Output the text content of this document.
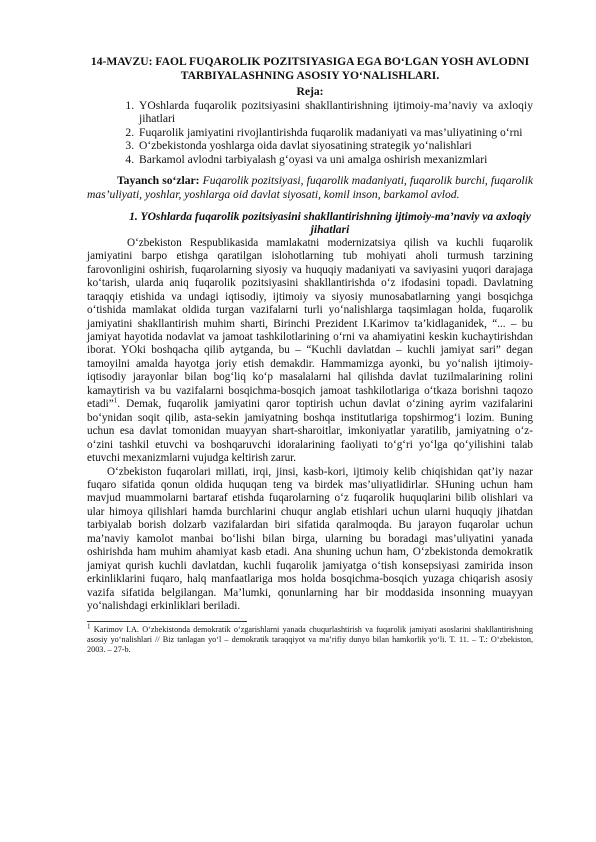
14-MAVZU: FAOL FUQAROLIK POZITSIYASIGA EGA BO‘LGAN YOSH AVLODNI TARBIYALASHNING ASOSIY YO‘NALISHLARI.

Reja:

1. YOshlarda fuqarolik pozitsiyasini shakllantirishning ijtimoiy-ma’naviy va axloqiy jihatlari
2. Fuqarolik jamiyatini rivojlantirishda fuqarolik madaniyati va mas’uliyatining o‘rni
3. O‘zbekistonda yoshlarga oida davlat siyosatining strategik yo‘nalishlari
4. Barkamol avlodni tarbiyalash g‘oyasi va uni amalga oshirish mexanizmlari

Tayanch so‘zlar: Fuqarolik pozitsiyasi, fuqarolik madaniyati, fuqarolik burchi, fuqarolik mas’uliyati, yoshlar, yoshlarga oid davlat siyosati, komil inson, barkamol avlod.

1. YOshlarda fuqarolik pozitsiyasini shakllantirishning ijtimoiy-ma’naviy va axloqiy jihatlari

O‘zbekiston Respublikasida mamlakatni modernizatsiya qilish va kuchli fuqarolik jamiyatini barpo etishga qaratilgan islohotlarning tub mohiyati aholi turmush tarzining farovonligini oshirish, fuqarolarning siyosiy va huquqiy madaniyati va saviyasini yuqori darajaga ko‘tarish, ularda aniq fuqarolik pozitsiyasini shakllantirishda o‘z ifodasini topadi. Davlatning taraqqiy etishida va undagi iqtisodiy, ijtimoiy va siyosiy munosabatlarning yangi bosqichga o‘tishida mamlakat oldida turgan vazifalarni turli yo‘nalishlarga taqsimlagan holda, fuqarolik jamiyatini shakllantirish muhim sharti, Birinchi Prezident I.Karimov ta’kidlaganidek, “... – bu jamiyat hayotida nodavlat va jamoat tashkilotlarining o‘rni va ahamiyatini keskin kuchaytirishdan iborat. YOki boshqacha qilib aytganda, bu – “Kuchli davlatdan – kuchli jamiyat sari” degan tamoyilni amalda hayotga joriy etish demakdir. Hammamizga ayonki, bu yo‘nalish ijtimoiy-iqtisodiy jarayonlar bilan bog‘liq ko‘p masalalarni hal qilishda davlat tuzilmalarining rolini kamaytirish va bu vazifalarni bosqichma-bosqich jamoat tashkilotlariga o‘tkaza borishni taqozo etadi”$^1$. Demak, fuqarolik jamiyatini qaror toptirish uchun davlat o‘zining ayrim vazifalarini bo‘ynidan soqit qilib, asta-sekin jamiyatning boshqa institutlariga topshirmog‘i lozim. Buning uchun esa davlat tomonidan muayyan shart-sharoitlar, imkoniyatlar yaratilib, jamiyatning o‘z-o‘zini tashkil etuvchi va boshqaruvchi idoralarining faoliyati to‘g‘ri yo‘lga qo‘yilishini talab etuvchi mexanizmlarni vujudga keltirish zarur.

O‘zbekiston fuqarolari millati, irqi, jinsi, kasb-kori, ijtimoiy kelib chiqishidan qat’iy nazar fuqaro sifatida qonun oldida huquqan teng va birdek mas’uliyatlidirlar. SHuning uchun ham mavjud muammolarni bartaraf etishda fuqarolarning o‘z fuqarolik huquqlarini bilib olishlari va ular himoya qilishlari hamda burchlarini chuqur anglab etishlari uchun ularni huquqiy jihatdan tarbiyalab borish dolzarb vazifalardan biri sifatida qaralmoqda. Bu jarayon fuqarolar uchun ma’naviy kamolot manbai bo‘lishi bilan birga, ularning bu boradagi mas’uliyatini yanada oshirishda ham muhim ahamiyat kasb etadi. Ana shuning uchun ham, O‘zbekistonda demokratik jamiyat qurish kuchli davlatdan, kuchli fuqarolik jamiyatga o‘tish konsepsiyasi zamirida inson erkinliklarini fuqaro, halq manfaatlariga mos holda bosqichma-bosqich yuzaga chiqarish asosiy vazifa sifatida belgilangan. Ma’lumki, qonunlarning har bir moddasida insonning muayyan yo‘nalishdagi erkinliklari beriladi.

$^1$ Karimov I.A. O‘zbekistonda demokratik o‘zgarishlarni yanada chuqurlashtirish va fuqarolik jamiyati asoslarini shakllantirishning asosiy yo‘nalishlari // Biz tanlagan yo‘l – demokratik taraqqiyot va ma’rifiy dunyo bilan hamkorlik yo‘li. T. 11. – T.: O‘zbekiston, 2003. – 27-b.
